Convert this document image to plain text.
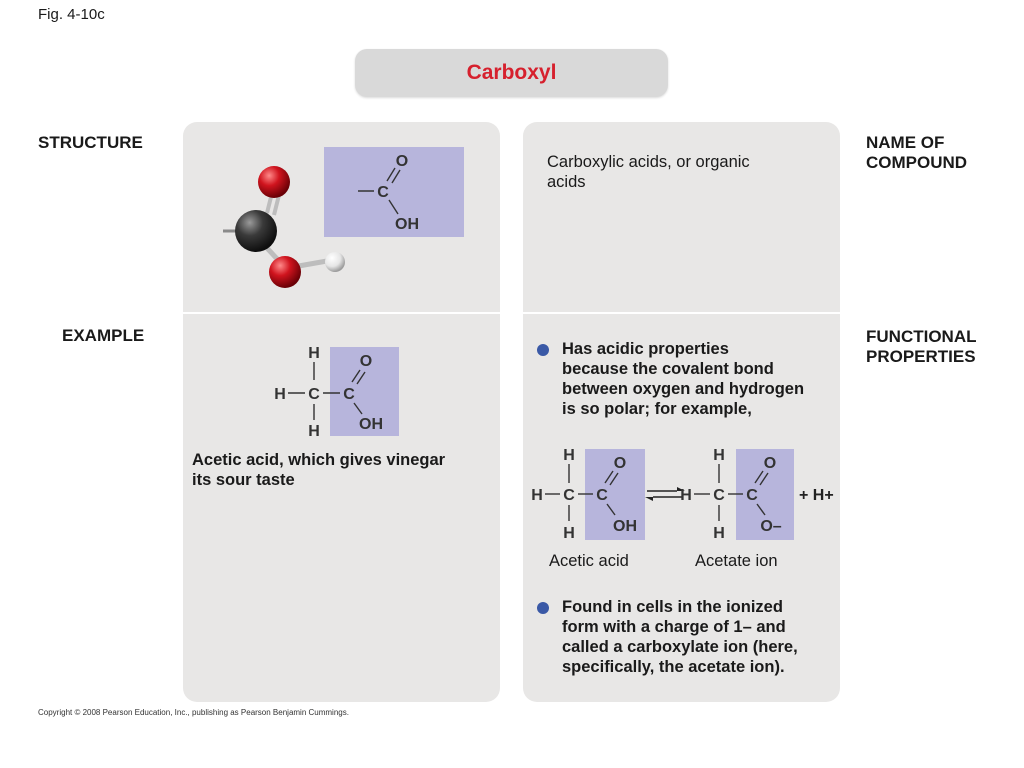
Fig. 4-10c
Carboxyl
STRUCTURE
EXAMPLE
NAME OF
COMPOUND
FUNCTIONAL
PROPERTIES
C
O
OH
Carboxylic acids, or organic
acids
H
H C
H
C
O
OH
Acetic acid, which gives vinegar
its sour taste
Has acidic properties
because the covalent bond
between oxygen and hydrogen
is so polar; for example,
H
H C
H
C
O
OH
H
H C
H
C
O
O–
+ H+
Acetic acid	Acetate ion
Found in cells in the ionized
form with a charge of 1– and
called a carboxylate ion (here,
specifically, the acetate ion).
Copyright © 2008 Pearson Education, Inc., publishing as Pearson Benjamin Cummings.
